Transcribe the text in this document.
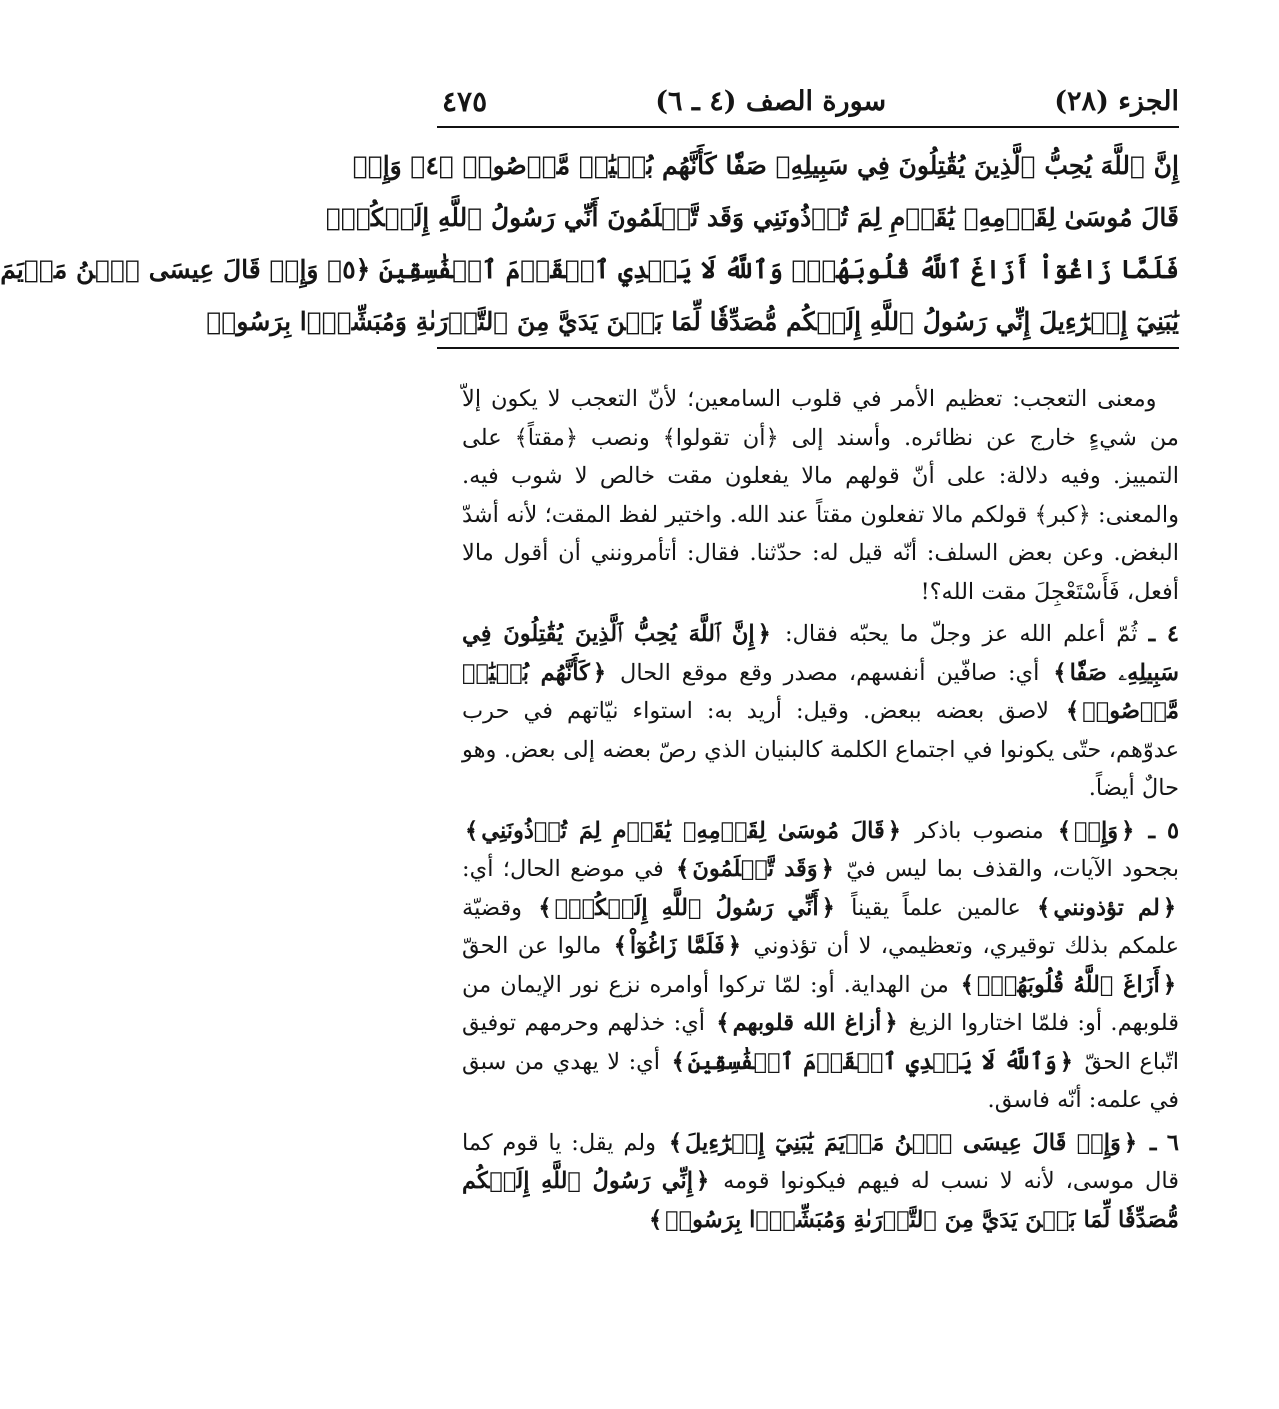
الجزء (٢٨)
سورة الصف (٤ ـ ٦)
٤٧٥
إِنَّ ٱللَّهَ يُحِبُّ ٱلَّذِينَ يُقَٰتِلُونَ فِي سَبِيلِهِۦ صَفّٗا كَأَنَّهُم بُنۡيَٰنٞ مَّرۡصُوصٞ ﴿٤﴾ وَإِذۡ
قَالَ مُوسَىٰ لِقَوۡمِهِۦ يَٰقَوۡمِ لِمَ تُؤۡذُونَنِي وَقَد تَّعۡلَمُونَ أَنِّي رَسُولُ ٱللَّهِ إِلَيۡكُمۡۖ
فَلَمَّا زَاغُوٓاْ أَزَاغَ ٱللَّهُ قُلُوبَهُمۡۚ وَٱللَّهُ لَا يَهۡدِي ٱلۡقَوۡمَ ٱلۡفَٰسِقِينَ ﴿٥﴾ وَإِذۡ قَالَ عِيسَى ٱبۡنُ مَرۡيَمَ
يَٰبَنِيٓ إِسۡرَٰٓءِيلَ إِنِّي رَسُولُ ٱللَّهِ إِلَيۡكُم مُّصَدِّقٗا لِّمَا بَيۡنَ يَدَيَّ مِنَ ٱلتَّوۡرَىٰةِ وَمُبَشِّرَۢا بِرَسُولٖ

 ومعنى التعجب: تعظيم الأمر في قلوب السامعين؛ لأنّ التعجب لا يكون إلاّ من شيءٍ خارج عن نظائره. وأسند إلى ﴿أن تقولوا﴾ ونصب ﴿مقتاً﴾ على التمييز. وفيه دلالة: على أنّ قولهم مالا يفعلون مقت خالص لا شوب فيه. والمعنى: ﴿كبر﴾ قولكم مالا تفعلون مقتاً عند الله. واختير لفظ المقت؛ لأنه أشدّ البغض. وعن بعض السلف: أنّه قيل له: حدّثنا. فقال: أتأمرونني أن أقول مالا أفعل، فَأَسْتَعْجِلَ مقت الله؟!

٤ ـ ثُمّ أعلم الله عز وجلّ ما يحبّه فقال: ﴿إِنَّ ٱللَّهَ يُحِبُّ ٱلَّذِينَ يُقَٰتِلُونَ فِي سَبِيلِهِۦ صَفّٗا﴾ أي: صافّين أنفسهم، مصدر وقع موقع الحال ﴿كَأَنَّهُم بُنۡيَٰنٞ مَّرۡصُوصٞ﴾ لاصق بعضه ببعض. وقيل: أريد به: استواء نيّاتهم في حرب عدوّهم، حتّى يكونوا في اجتماع الكلمة كالبنيان الذي رصّ بعضه إلى بعض. وهو حالٌ أيضاً.

٥ ـ ﴿وَإِذۡ﴾ منصوب باذكر ﴿قَالَ مُوسَىٰ لِقَوۡمِهِۦ يَٰقَوۡمِ لِمَ تُؤۡذُونَنِي﴾ بجحود الآيات، والقذف بما ليس فيّ ﴿وَقَد تَّعۡلَمُونَ﴾ في موضع الحال؛ أي: ﴿لم تؤذونني﴾ عالمين علماً يقيناً ﴿أَنِّي رَسُولُ ٱللَّهِ إِلَيۡكُمۡۖ﴾ وقضيّة علمكم بذلك توقيري، وتعظيمي، لا أن تؤذوني ﴿فَلَمَّا زَاغُوٓاْ﴾ مالوا عن الحقّ ﴿أَزَاغَ ٱللَّهُ قُلُوبَهُمۡۚ﴾ من الهداية. أو: لمّا تركوا أوامره نزع نور الإيمان من قلوبهم. أو: فلمّا اختاروا الزيغ ﴿أزاغ الله قلوبهم﴾ أي: خذلهم وحرمهم توفيق اتّباع الحقّ ﴿وَٱللَّهُ لَا يَهۡدِي ٱلۡقَوۡمَ ٱلۡفَٰسِقِينَ﴾ أي: لا يهدي من سبق في علمه: أنّه فاسق.

٦ ـ ﴿وَإِذۡ قَالَ عِيسَى ٱبۡنُ مَرۡيَمَ يَٰبَنِيٓ إِسۡرَٰٓءِيلَ﴾ ولم يقل: يا قوم كما قال موسى، لأنه لا نسب له فيهم فيكونوا قومه ﴿إِنِّي رَسُولُ ٱللَّهِ إِلَيۡكُم مُّصَدِّقٗا لِّمَا بَيۡنَ يَدَيَّ مِنَ ٱلتَّوۡرَىٰةِ وَمُبَشِّرَۢا بِرَسُولٖ﴾
